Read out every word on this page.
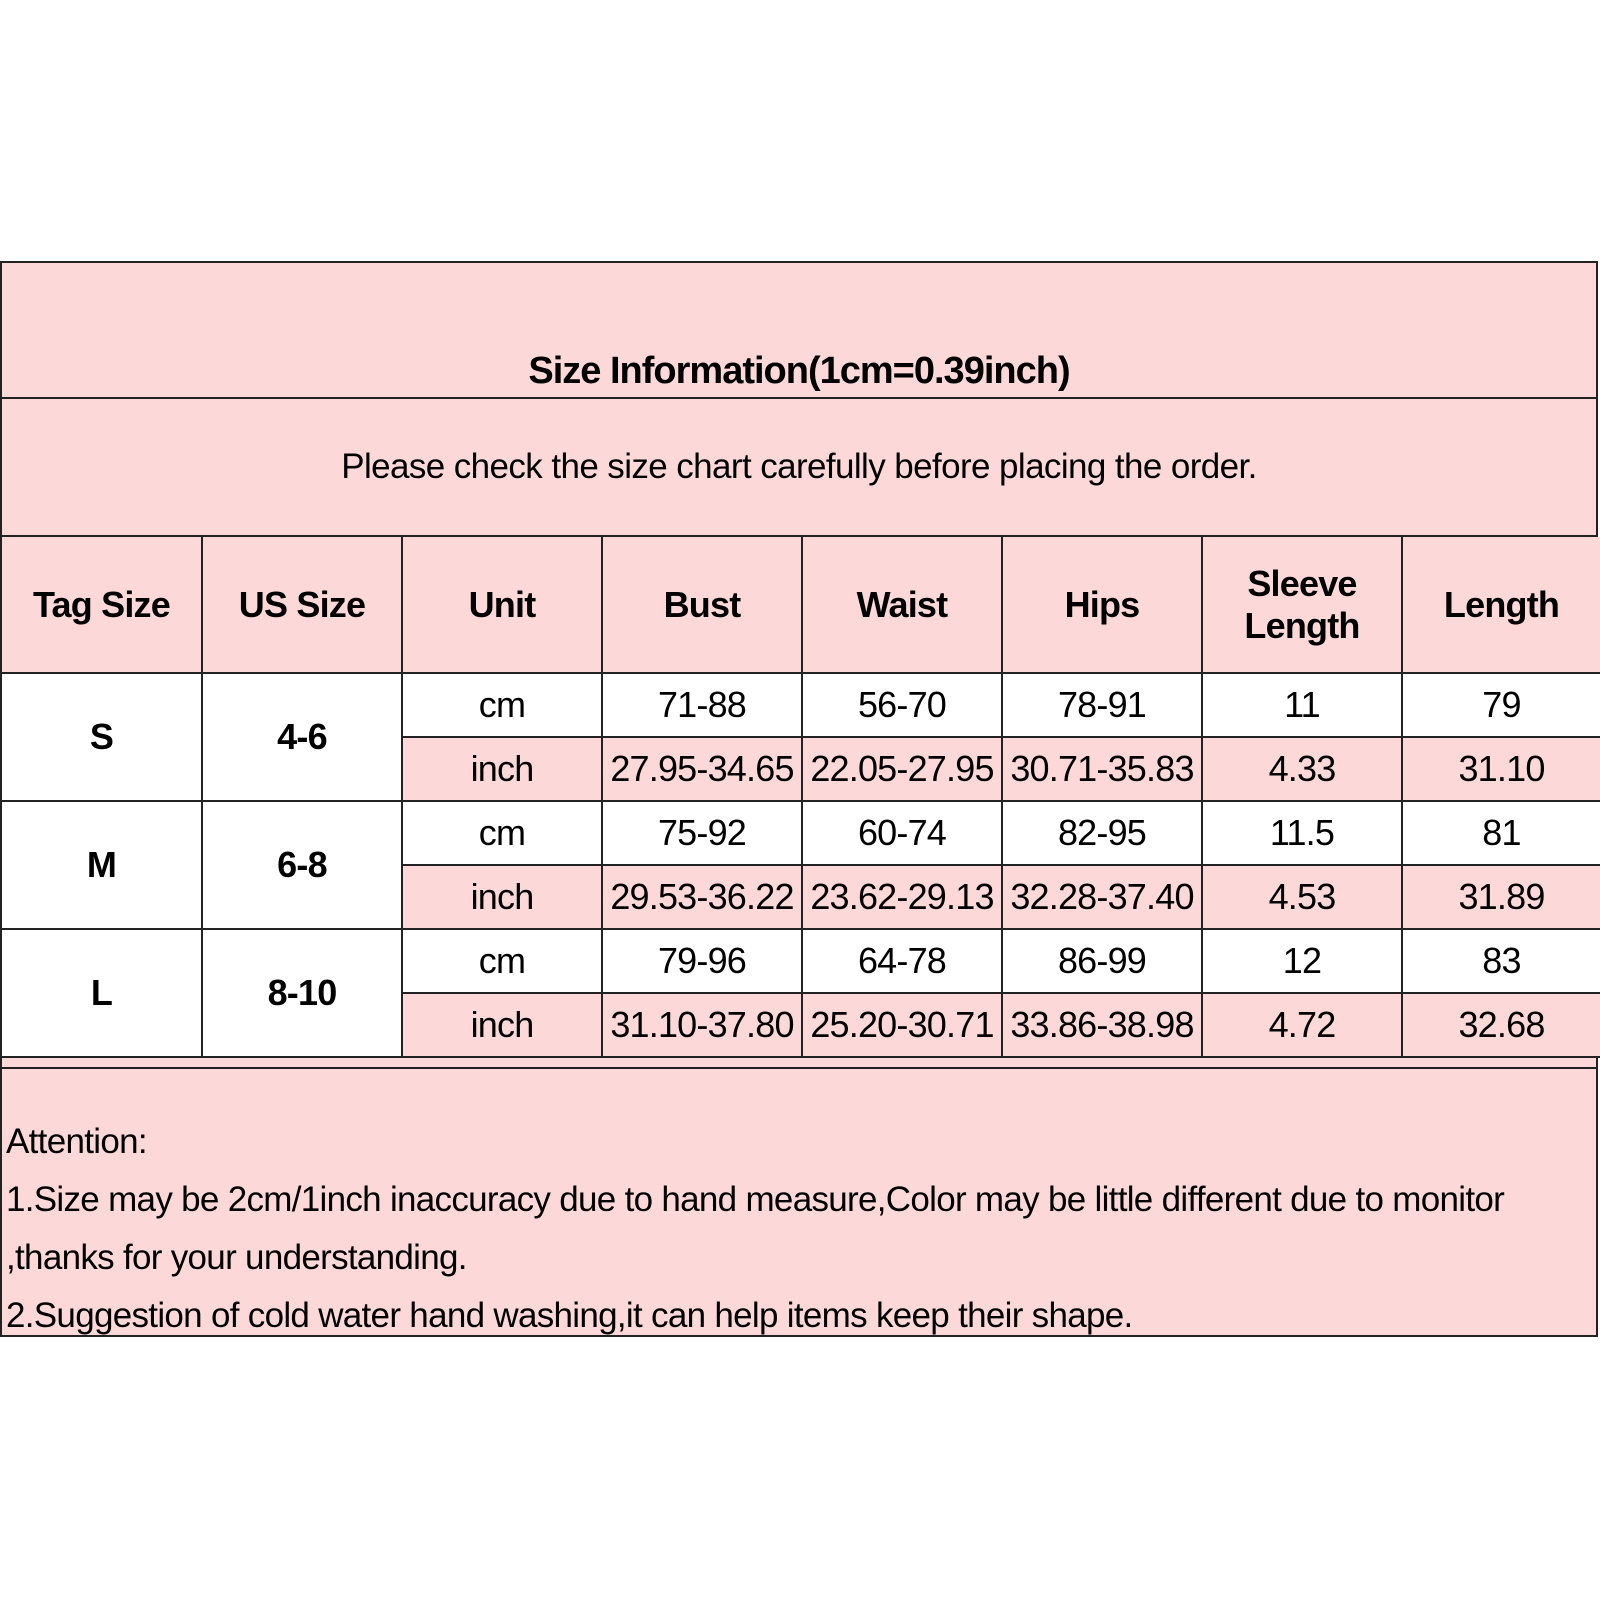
Size Information(1cm=0.39inch)
Please check the size chart carefully before placing the order.
Tag Size	US Size	Unit	Bust	Waist	Hips	Sleeve Length	Length
S	4-6	cm	71-88	56-70	78-91	11	79
		inch	27.95-34.65	22.05-27.95	30.71-35.83	4.33	31.10
M	6-8	cm	75-92	60-74	82-95	11.5	81
		inch	29.53-36.22	23.62-29.13	32.28-37.40	4.53	31.89
L	8-10	cm	79-96	64-78	86-99	12	83
		inch	31.10-37.80	25.20-30.71	33.86-38.98	4.72	32.68

Attention:

1.Size may be 2cm/1inch inaccuracy due to hand measure,Color may be little different due to monitor ,thanks for your understanding.

2.Suggestion of cold water hand washing,it can help items keep their shape.
